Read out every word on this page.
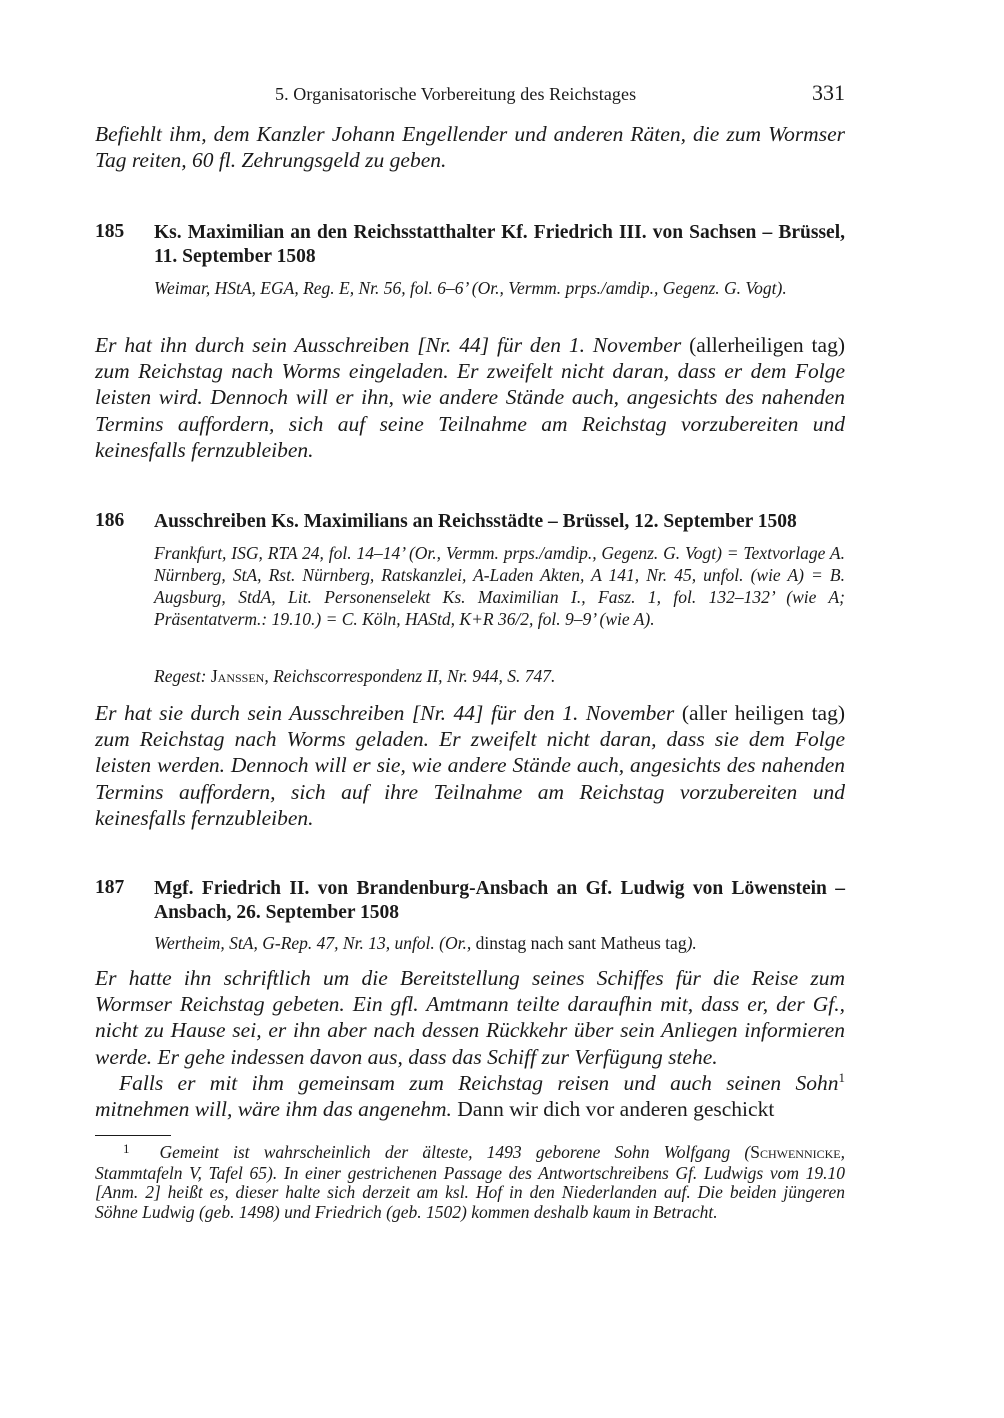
5. Organisatorische Vorbereitung des Reichstages	331
Befiehlt ihm, dem Kanzler Johann Engellender und anderen Räten, die zum Wormser Tag reiten, 60 fl. Zehrungsgeld zu geben.
185 Ks. Maximilian an den Reichsstatthalter Kf. Friedrich III. von Sachsen – Brüssel, 11. September 1508
Weimar, HStA, EGA, Reg. E, Nr. 56, fol. 6–6’ (Or., Vermm. prps./amdip., Gegenz. G. Vogt).
Er hat ihn durch sein Ausschreiben [Nr. 44] für den 1. November (allerheiligen tag) zum Reichstag nach Worms eingeladen. Er zweifelt nicht daran, dass er dem Folge leisten wird. Dennoch will er ihn, wie andere Stände auch, angesichts des nahenden Termins auffordern, sich auf seine Teilnahme am Reichstag vorzubereiten und keinesfalls fernzubleiben.
186 Ausschreiben Ks. Maximilians an Reichsstädte – Brüssel, 12. September 1508
Frankfurt, ISG, RTA 24, fol. 14–14’ (Or., Vermm. prps./amdip., Gegenz. G. Vogt) = Textvorlage A. Nürnberg, StA, Rst. Nürnberg, Ratskanzlei, A-Laden Akten, A 141, Nr. 45, unfol. (wie A) = B. Augsburg, StdA, Lit. Personenselekt Ks. Maximilian I., Fasz. 1, fol. 132–132’ (wie A; Präsentatverm.: 19.10.) = C. Köln, HAStd, K+R 36/2, fol. 9–9’ (wie A).
Regest: Janssen, Reichscorrespondenz II, Nr. 944, S. 747.
Er hat sie durch sein Ausschreiben [Nr. 44] für den 1. November (aller heiligen tag) zum Reichstag nach Worms geladen. Er zweifelt nicht daran, dass sie dem Folge leisten werden. Dennoch will er sie, wie andere Stände auch, angesichts des nahenden Termins auffordern, sich auf ihre Teilnahme am Reichstag vorzubereiten und keinesfalls fernzubleiben.
187 Mgf. Friedrich II. von Brandenburg-Ansbach an Gf. Ludwig von Löwenstein – Ansbach, 26. September 1508
Wertheim, StA, G-Rep. 47, Nr. 13, unfol. (Or., dinstag nach sant Matheus tag).
Er hatte ihn schriftlich um die Bereitstellung seines Schiffes für die Reise zum Wormser Reichstag gebeten. Ein gfl. Amtmann teilte daraufhin mit, dass er, der Gf., nicht zu Hause sei, er ihn aber nach dessen Rückkehr über sein Anliegen informieren werde. Er gehe indessen davon aus, dass das Schiff zur Verfügung stehe.
Falls er mit ihm gemeinsam zum Reichstag reisen und auch seinen Sohn$^1$ mitnehmen will, wäre ihm das angenehm. Dann wir dich vor anderen geschickt
$^1$ Gemeint ist wahrscheinlich der älteste, 1493 geborene Sohn Wolfgang (Schwennicke, Stammtafeln V, Tafel 65). In einer gestrichenen Passage des Antwortschreibens Gf. Ludwigs vom 19.10 [Anm. 2] heißt es, dieser halte sich derzeit am ksl. Hof in den Niederlanden auf. Die beiden jüngeren Söhne Ludwig (geb. 1498) und Friedrich (geb. 1502) kommen deshalb kaum in Betracht.
